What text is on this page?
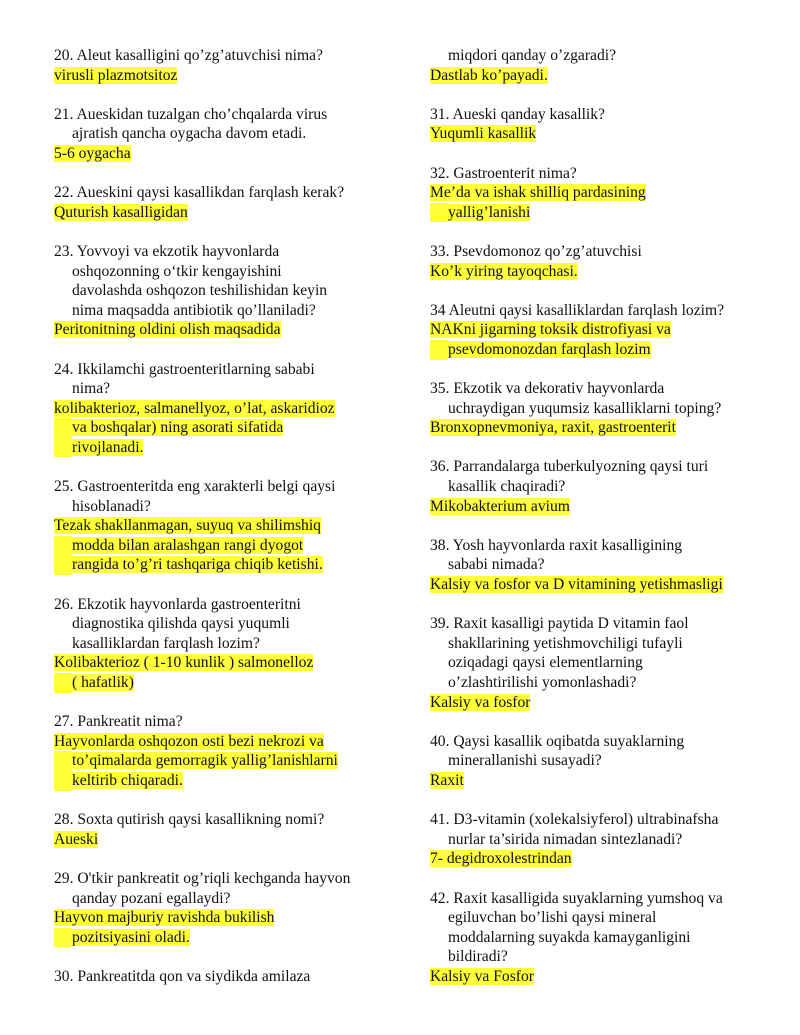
20. Aleut kasalligini qo’zg’atuvchisi nima?
virusli plazmotsitoz
21. Aueskidan tuzalgan cho’chqalarda virus
ajratish qancha oygacha davom etadi.
5-6 oygacha
22. Aueskini qaysi kasallikdan farqlash kerak?
Quturish kasalligidan
23. Yovvoyi va ekzotik hayvonlarda
oshqozonning o‘tkir kengayishini
davolashda oshqozon teshilishidan keyin
nima maqsadda antibiotik qo’llaniladi?
Peritonitning oldini olish maqsadida
24. Ikkilamchi gastroenteritlarning sababi
nima?
kolibakterioz, salmanellyoz, o’lat, askaridioz
va boshqalar) ning asorati sifatida
rivojlanadi.
25. Gastroenteritda eng xarakterli belgi qaysi
hisoblanadi?
Tezak shakllanmagan, suyuq va shilimshiq
modda bilan aralashgan rangi dyogot
rangida to’g’ri tashqariga chiqib ketishi.
26. Ekzotik hayvonlarda gastroenteritni
diagnostika qilishda qaysi yuqumli
kasalliklardan farqlash lozim?
Kolibakterioz ( 1-10 kunlik ) salmonelloz
( hafatlik)
27. Pankreatit nima?
Hayvonlarda oshqozon osti bezi nekrozi va
to’qimalarda gemorragik yallig’lanishlarni
keltirib chiqaradi.
28. Soxta qutirish qaysi kasallikning nomi?
Aueski
29. O'tkir pankreatit og’riqli kechganda hayvon
qanday pozani egallaydi?
Hayvon majburiy ravishda bukilish
pozitsiyasini oladi.
30. Pankreatitda qon va siydikda amilaza
miqdori qanday o’zgaradi?
Dastlab ko’payadi.
31. Aueski qanday kasallik?
Yuqumli kasallik
32. Gastroenterit nima?
Me’da va ishak shilliq pardasining
yallig’lanishi
33. Psevdomonoz qo’zg’atuvchisi
Ko’k yiring tayoqchasi.
34 Aleutni qaysi kasalliklardan farqlash lozim?
NAKni jigarning toksik distrofiyasi va
psevdomonozdan farqlash lozim
35. Ekzotik va dekorativ hayvonlarda
uchraydigan yuqumsiz kasalliklarni toping?
Bronxopnevmoniya, raxit, gastroenterit
36. Parrandalarga tuberkulyozning qaysi turi
kasallik chaqiradi?
Mikobakterium avium
38. Yosh hayvonlarda raxit kasalligining
sababi nimada?
Kalsiy va fosfor va D vitamining yetishmasligi
39. Raxit kasalligi paytida D vitamin faol
shakllarining yetishmovchiligi tufayli
oziqadagi qaysi elementlarning
o’zlashtirilishi yomonlashadi?
Kalsiy va fosfor
40. Qaysi kasallik oqibatda suyaklarning
minerallanishi susayadi?
Raxit
41. D3-vitamin (xolekalsiyferol) ultrabinafsha
nurlar ta’sirida nimadan sintezlanadi?
7- degidroxolestrindan
42. Raxit kasalligida suyaklarning yumshoq va
egiluvchan bo’lishi qaysi mineral
moddalarning suyakda kamayganligini
bildiradi?
Kalsiy va Fosfor
